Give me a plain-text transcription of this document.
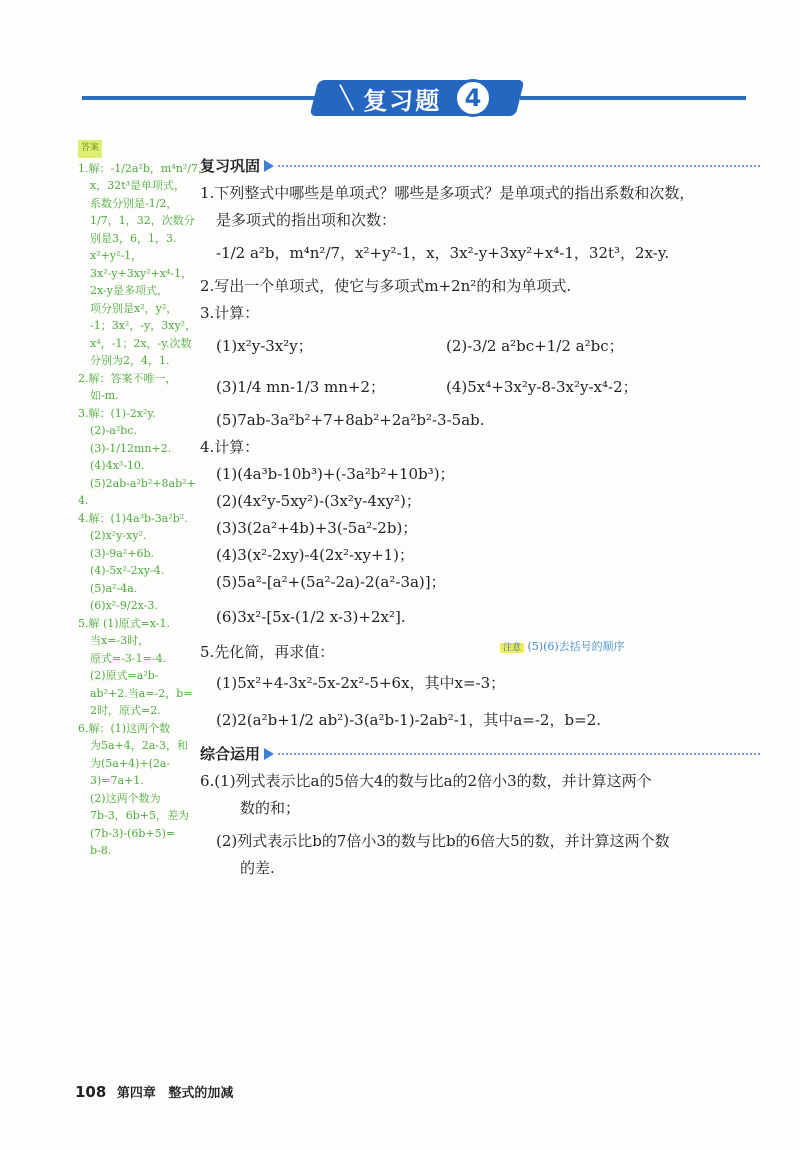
╲ 复习题 4
答案
1.解：-1/2a²b，m⁴n²/7，
x，32t³是单项式，
系数分别是-1/2，
1/7，1，32，次数分
别是3，6，1，3.
x²+y²-1，
3x²-y+3xy²+x⁴-1，
2x-y是多项式，
项分别是x²，y²，
-1；3x²，-y，3xy²，
x⁴，-1；2x，-y.次数
分别为2，4，1.
2.解：答案不唯一，
如-m.
3.解：(1)-2x²y.
(2)-a²bc.
(3)-1/12mn+2.
(4)4x³-10.
(5)2ab-a²b²+8ab²+
4.
4.解：(1)4a³b-3a²b².
(2)x²y-xy².
(3)-9a²+6b.
(4)-5x²-2xy-4.
(5)a²-4a.
(6)x²-9/2x-3.
5.解 (1)原式=x-1.
当x=-3时，
原式=-3-1=-4.
(2)原式=a²b-
ab²+2.当a=-2，b=
2时，原式=2.
6.解：(1)这两个数
为5a+4，2a-3，和
为(5a+4)+(2a-
3)=7a+1.
(2)这两个数为
7b-3，6b+5，差为
(7b-3)-(6b+5)=
b-8.
复习巩固
1.下列整式中哪些是单项式？哪些是多项式？是单项式的指出系数和次数，
是多项式的指出项和次数：
-1/2 a²b，m⁴n²/7，x²+y²-1，x，3x²-y+3xy²+x⁴-1，32t³，2x-y.
2.写出一个单项式，使它与多项式m+2n²的和为单项式.
3.计算：
(1)x²y-3x²y；	(2)-3/2 a²bc+1/2 a²bc；
(3)1/4 mn-1/3 mn+2；	(4)5x⁴+3x²y-8-3x²y-x⁴-2；
(5)7ab-3a²b²+7+8ab²+2a²b²-3-5ab.
4.计算：
(1)(4a³b-10b³)+(-3a²b²+10b³)；
(2)(4x²y-5xy²)-(3x²y-4xy²)；
(3)3(2a²+4b)+3(-5a²-2b)；
(4)3(x²-2xy)-4(2x²-xy+1)；
(5)5a²-[a²+(5a²-2a)-2(a²-3a)]；
(6)3x²-[5x-(1/2 x-3)+2x²].
5.先化简，再求值：
(1)5x²+4-3x²-5x-2x²-5+6x，其中x=-3；
(2)2(a²b+1/2 ab²)-3(a²b-1)-2ab²-1，其中a=-2，b=2.
综合运用
6.(1)列式表示比a的5倍大4的数与比a的2倍小3的数，并计算这两个
数的和；
(2)列式表示比b的7倍小3的数与比b的6倍大5的数，并计算这两个数
的差.
注意 (5)(6)去括号的顺序
108 第四章 整式的加减
